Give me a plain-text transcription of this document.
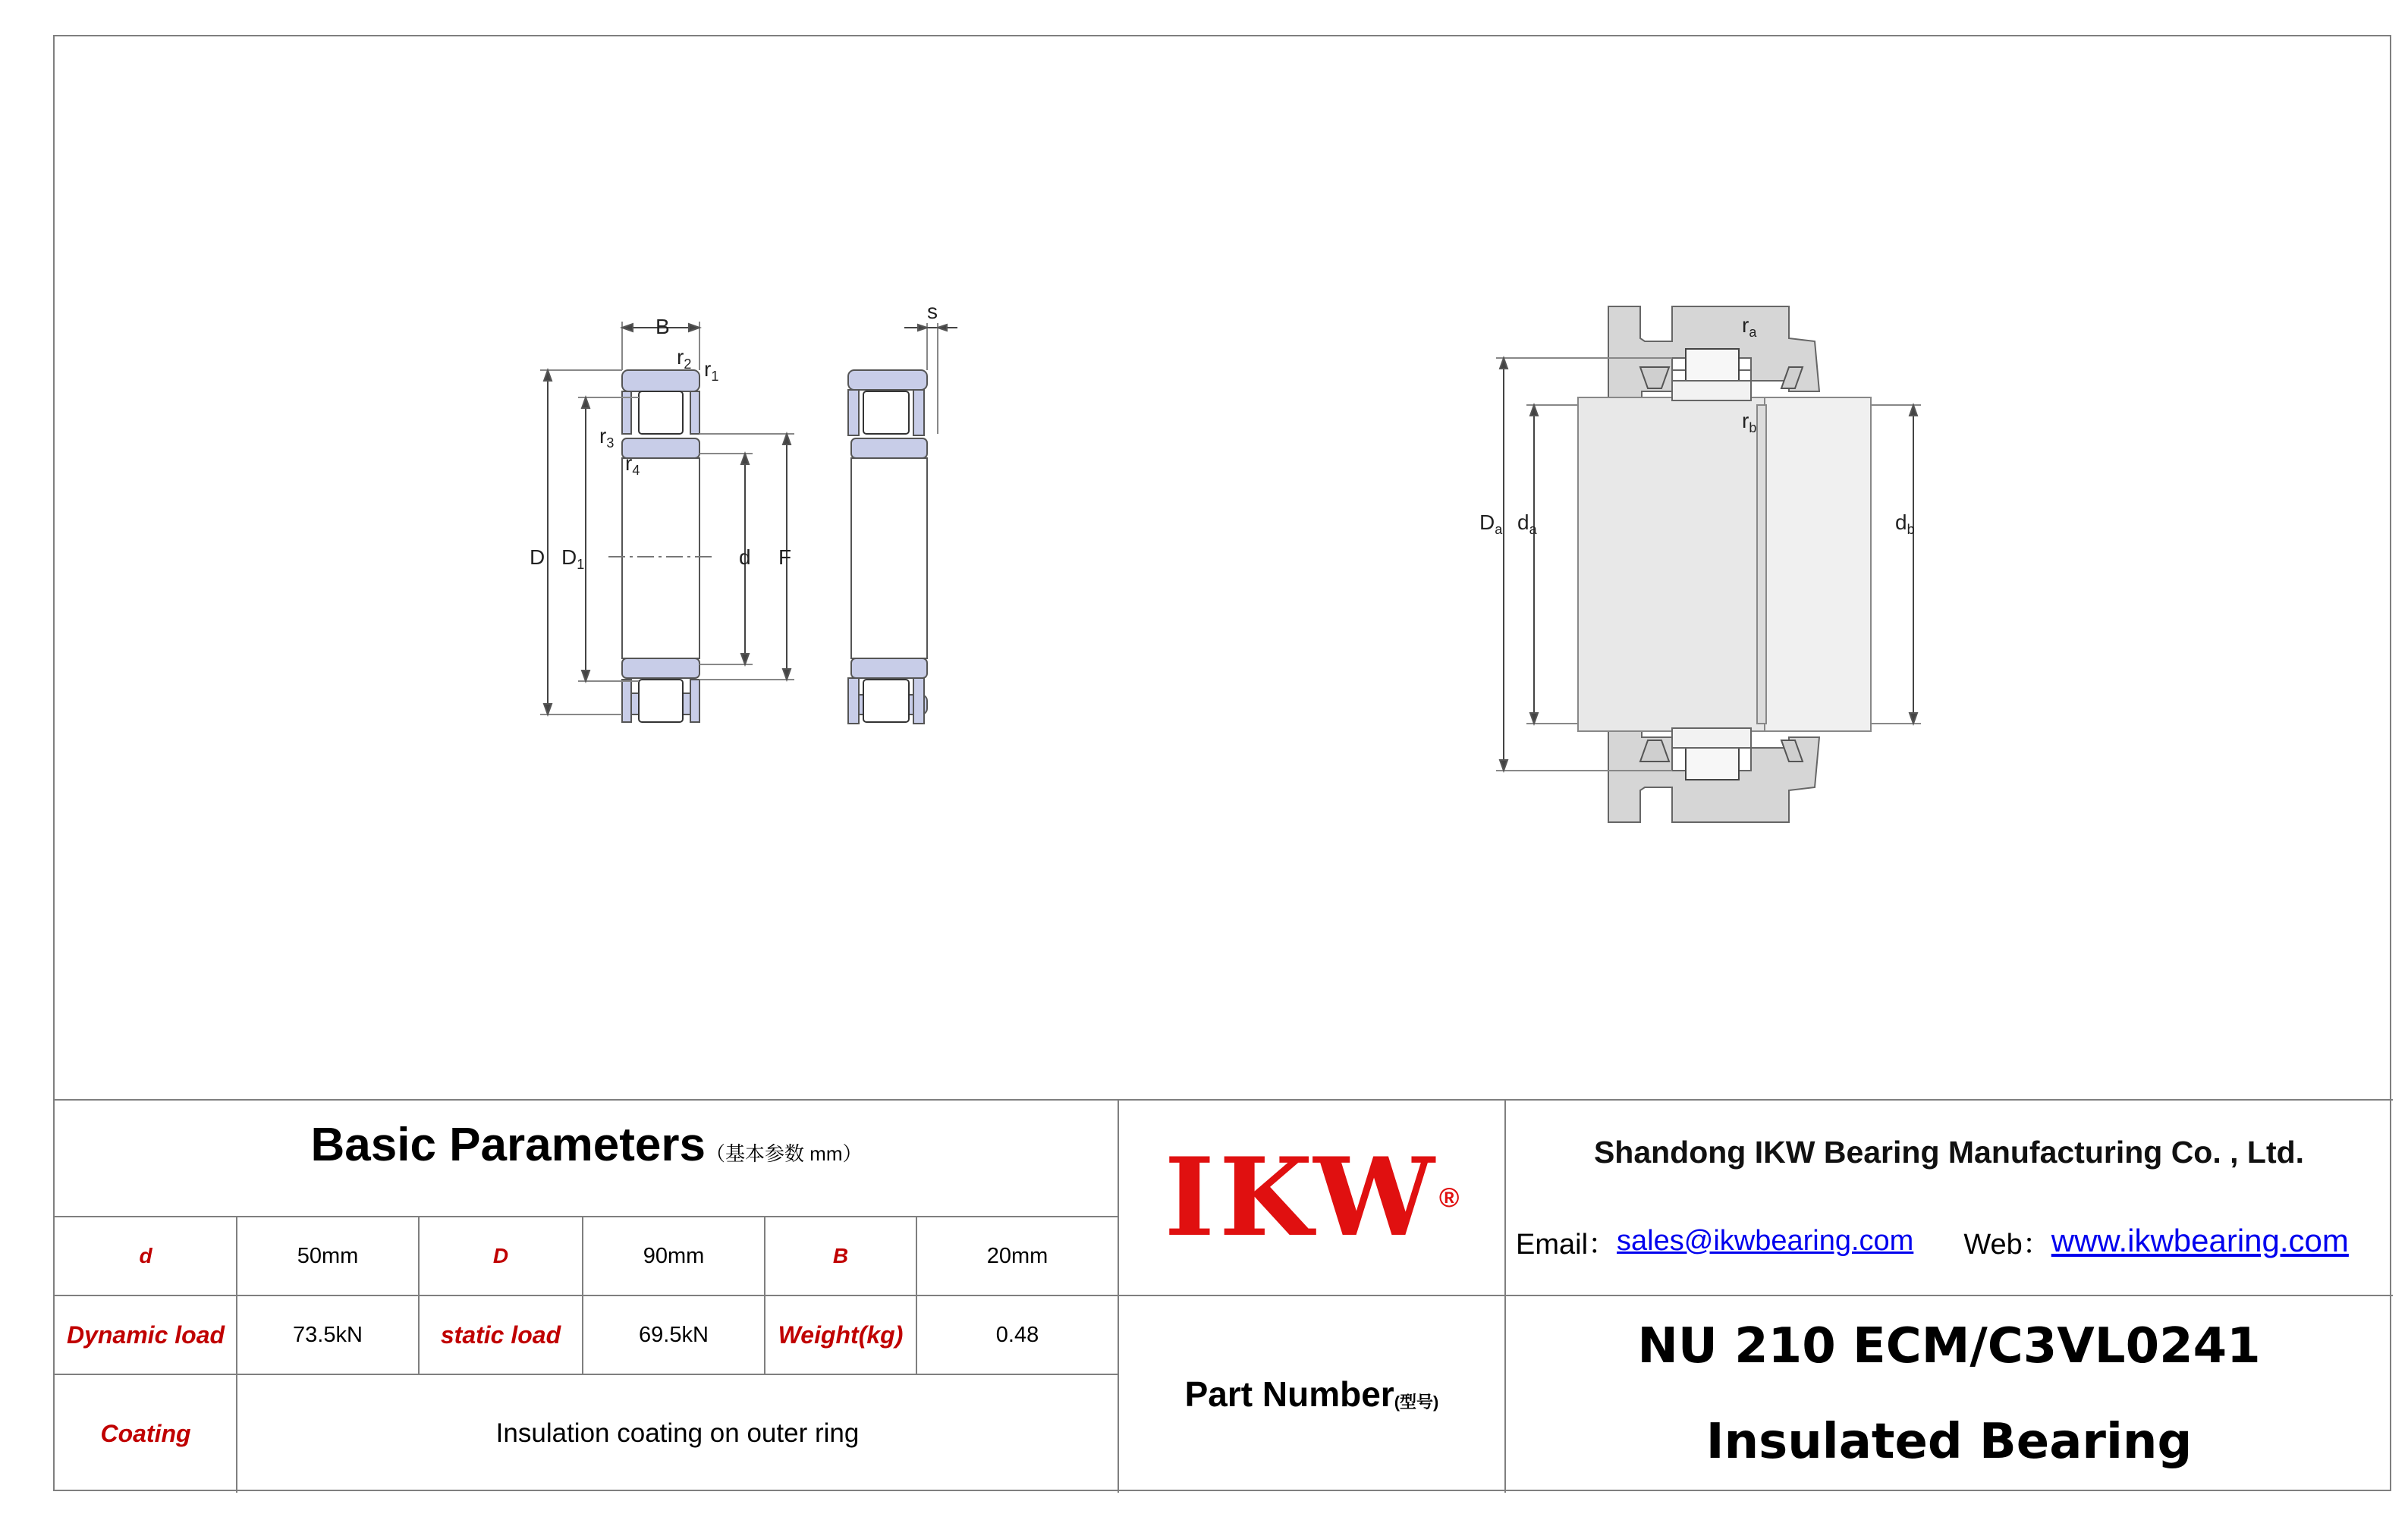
B
$r_2$ $r_1$
$r_3$
$r_4$
D $D_1$	d F
s
$r_a$
$r_b$
$D_a$ $d_a$	$d_b$
Basic Parameters（基本参数 mm）
d	50mm	D	90mm	B	20mm
Dynamic load	73.5kN	static load	69.5kN	Weight(kg)	0.48
Coating	Insulation coating on outer ring
IKW ®
Part Number (型号)
Shandong IKW Bearing Manufacturing Co. , Ltd.
Email： sales@ikwbearing.com Web： www.ikwbearing.com
NU 210 ECM/C3VL0241
Insulated Bearing
